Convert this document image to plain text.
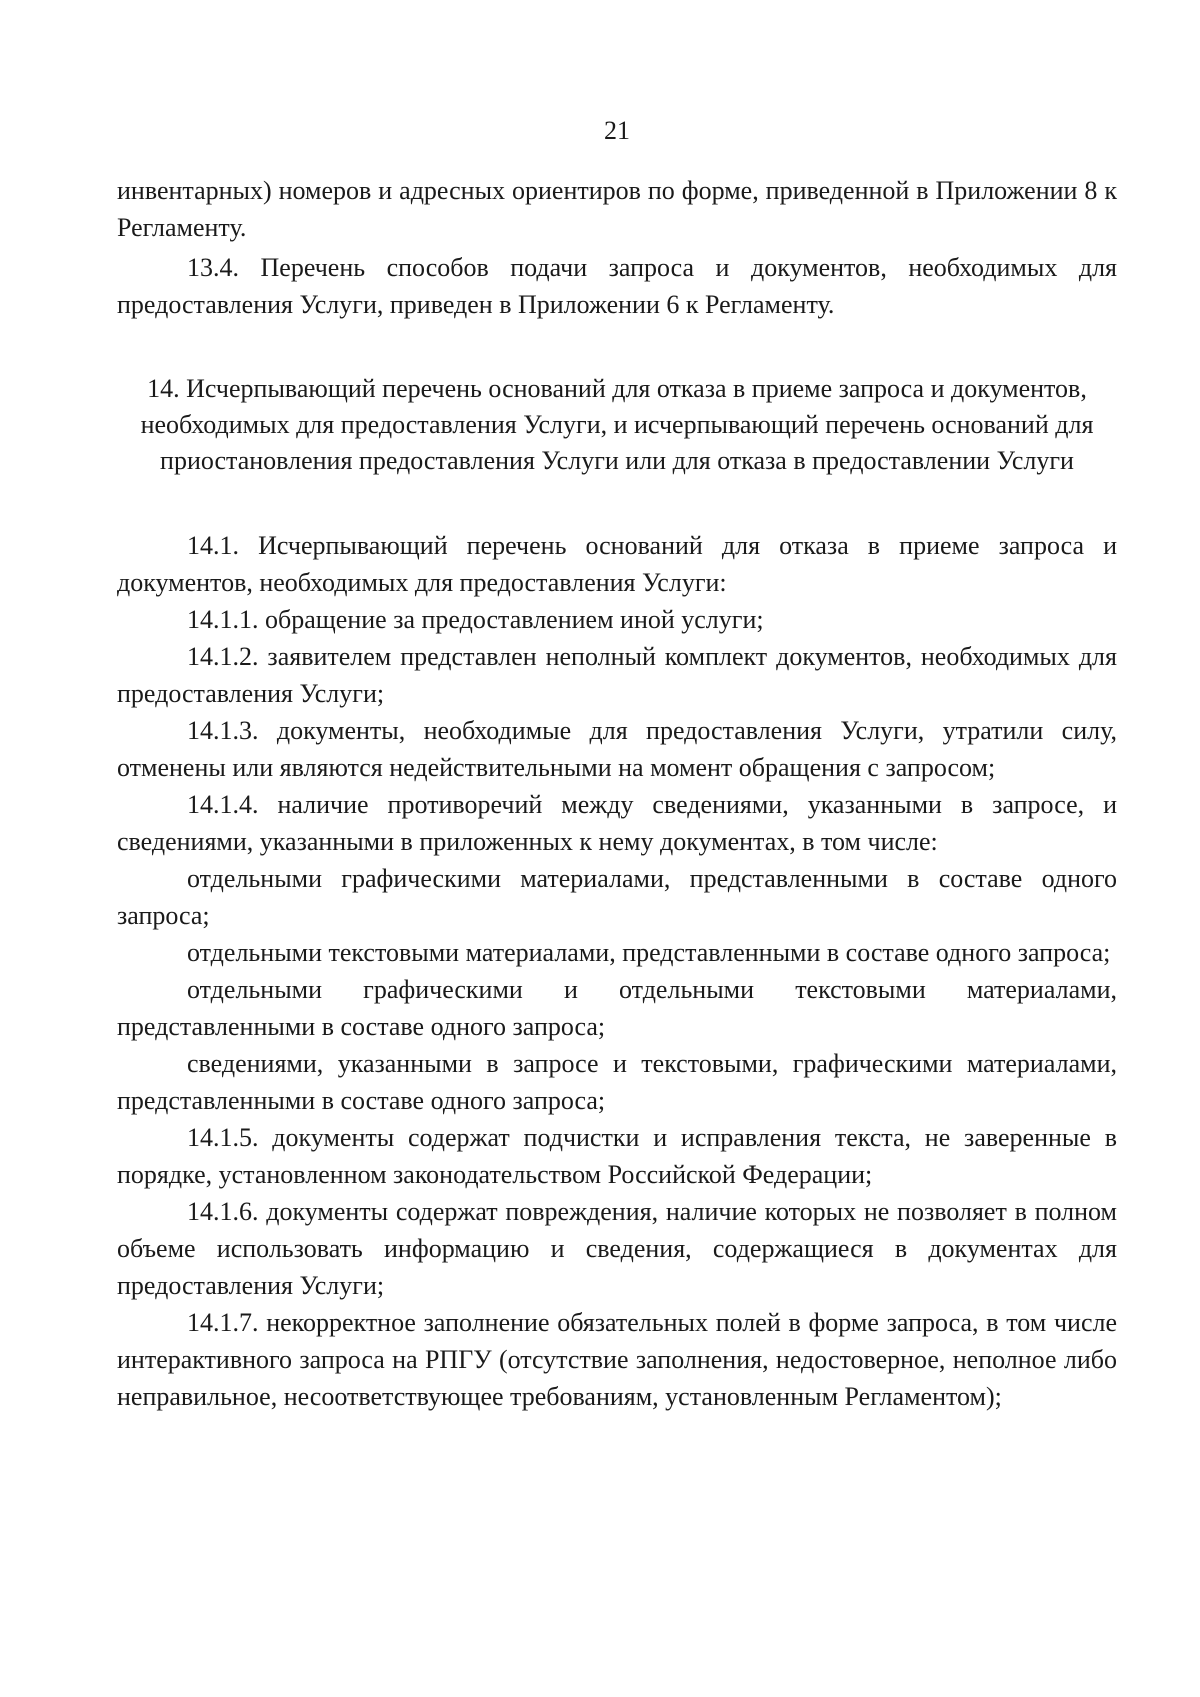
21

инвентарных) номеров и адресных ориентиров по форме, приведенной в Приложении 8 к Регламенту.

13.4. Перечень способов подачи запроса и документов, необходимых для предоставления Услуги, приведен в Приложении 6 к Регламенту.

14. Исчерпывающий перечень оснований для отказа в приеме запроса и документов, необходимых для предоставления Услуги, и исчерпывающий перечень оснований для приостановления предоставления Услуги или для отказа в предоставлении Услуги

14.1. Исчерпывающий перечень оснований для отказа в приеме запроса и документов, необходимых для предоставления Услуги:

14.1.1. обращение за предоставлением иной услуги;

14.1.2. заявителем представлен неполный комплект документов, необходимых для предоставления Услуги;

14.1.3. документы, необходимые для предоставления Услуги, утратили силу, отменены или являются недействительными на момент обращения с запросом;

14.1.4. наличие противоречий между сведениями, указанными в запросе, и сведениями, указанными в приложенных к нему документах, в том числе:

отдельными графическими материалами, представленными в составе одного запроса;

отдельными текстовыми материалами, представленными в составе одного запроса;

отдельными графическими и отдельными текстовыми материалами, представленными в составе одного запроса;

сведениями, указанными в запросе и текстовыми, графическими материалами, представленными в составе одного запроса;

14.1.5. документы содержат подчистки и исправления текста, не заверенные в порядке, установленном законодательством Российской Федерации;

14.1.6. документы содержат повреждения, наличие которых не позволяет в полном объеме использовать информацию и сведения, содержащиеся в документах для предоставления Услуги;

14.1.7. некорректное заполнение обязательных полей в форме запроса, в том числе интерактивного запроса на РПГУ (отсутствие заполнения, недостоверное, неполное либо неправильное, несоответствующее требованиям, установленным Регламентом);
